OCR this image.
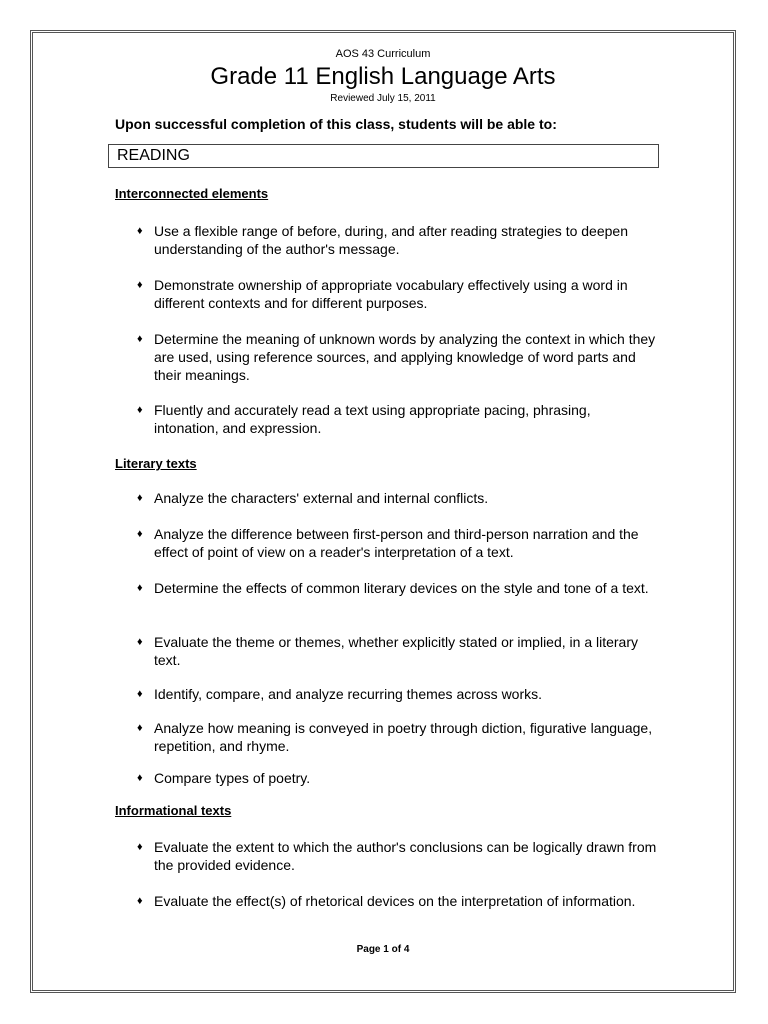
AOS 43 Curriculum
Grade 11 English Language Arts
Reviewed July 15, 2011
Upon successful completion of this class, students will be able to:
READING
Interconnected elements
♦ Use a flexible range of before, during, and after reading strategies to deepen understanding of the author's message.
♦ Demonstrate ownership of appropriate vocabulary effectively using a word in different contexts and for different purposes.
♦ Determine the meaning of unknown words by analyzing the context in which they are used, using reference sources, and applying knowledge of word parts and their meanings.
♦ Fluently and accurately read a text using appropriate pacing, phrasing, intonation, and expression.
Literary texts
♦ Analyze the characters' external and internal conflicts.
♦ Analyze the difference between first-person and third-person narration and the effect of point of view on a reader's interpretation of a text.
♦ Determine the effects of common literary devices on the style and tone of a text.
♦ Evaluate the theme or themes, whether explicitly stated or implied, in a literary text.
♦ Identify, compare, and analyze recurring themes across works.
♦ Analyze how meaning is conveyed in poetry through diction, figurative language, repetition, and rhyme.
♦ Compare types of poetry.
Informational texts
♦ Evaluate the extent to which the author's conclusions can be logically drawn from the provided evidence.
♦ Evaluate the effect(s) of rhetorical devices on the interpretation of information.
Page 1 of 4
